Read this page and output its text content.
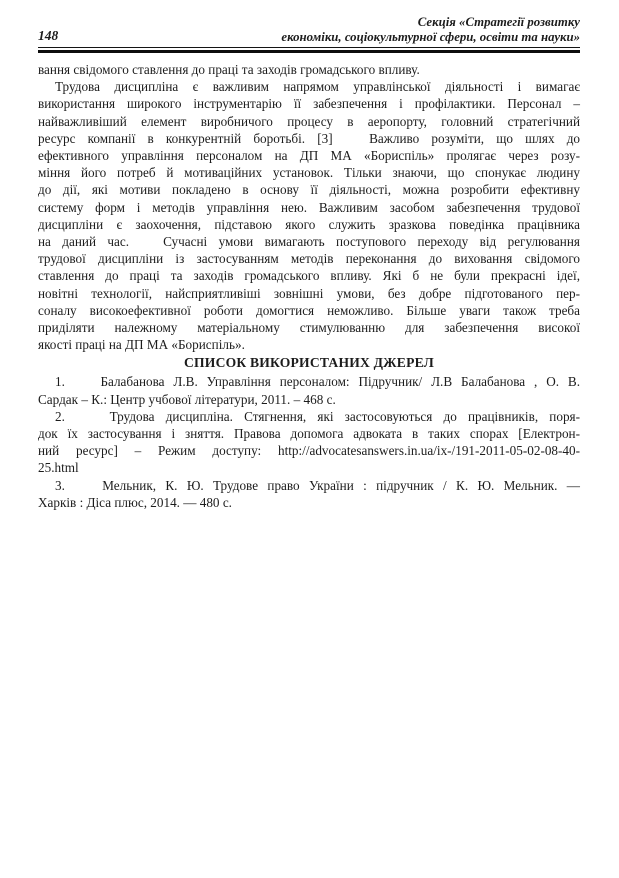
148
Секція «Стратегії розвитку
економіки, соціокультурної сфери, освіти та науки»
вання свідомого ставлення до праці та заходів громадського впливу.
Трудова дисципліна є важливим напрямом управлінської діяльності і вимагає
використання широкого інструментарію її забезпечення і профілактики. Персонал –
найважливіший елемент виробничого процесу в аеропорту, головний стратегічний
ресурс компанії в конкурентній боротьбі. [3]   Важливо розуміти, що шлях до
ефективного управління персоналом на ДП МА «Бориспіль» пролягає через розу-
міння його потреб й мотиваційних установок. Тільки знаючи, що спонукає людину
до дії, які мотиви покладено в основу її діяльності, можна розробити ефективну
систему форм і методів управління нею. Важливим засобом забезпечення трудової
дисципліни є заохочення, підставою якого служить зразкова поведінка працівника
на даний час.   Сучасні умови вимагають поступового переходу від регулювання
трудової дисципліни із застосуванням методів переконання до виховання свідомого
ставлення до праці та заходів громадського впливу. Які б не були прекрасні ідеї,
новітні технології, найсприятливіші зовнішні умови, без добре підготованого пер-
соналу високоефективної роботи домогтися неможливо. Більше уваги також треба
приділяти належному матеріальному стимулюванню для забезпечення високої
якості праці на ДП МА «Бориспіль».
СПИСОК ВИКОРИСТАНИХ ДЖЕРЕЛ
1.    Балабанова Л.В. Управління персоналом: Підручник/ Л.В Балабанова , О. В.
Сардак – К.: Центр учбової літератури, 2011. – 468 с.
2.    Трудова дисципліна. Стягнення, які застосовуються до працівників, поря-
док їх застосування і зняття. Правова допомога адвоката в таких спорах [Електрон-
ний ресурс] – Режим доступу: http://advocatesanswers.in.ua/ix-/191-2011-05-02-08-40-
25.html
3.    Мельник, К. Ю. Трудове право України : підручник / К. Ю. Мельник. —
Харків : Діса плюс, 2014. — 480 с.
